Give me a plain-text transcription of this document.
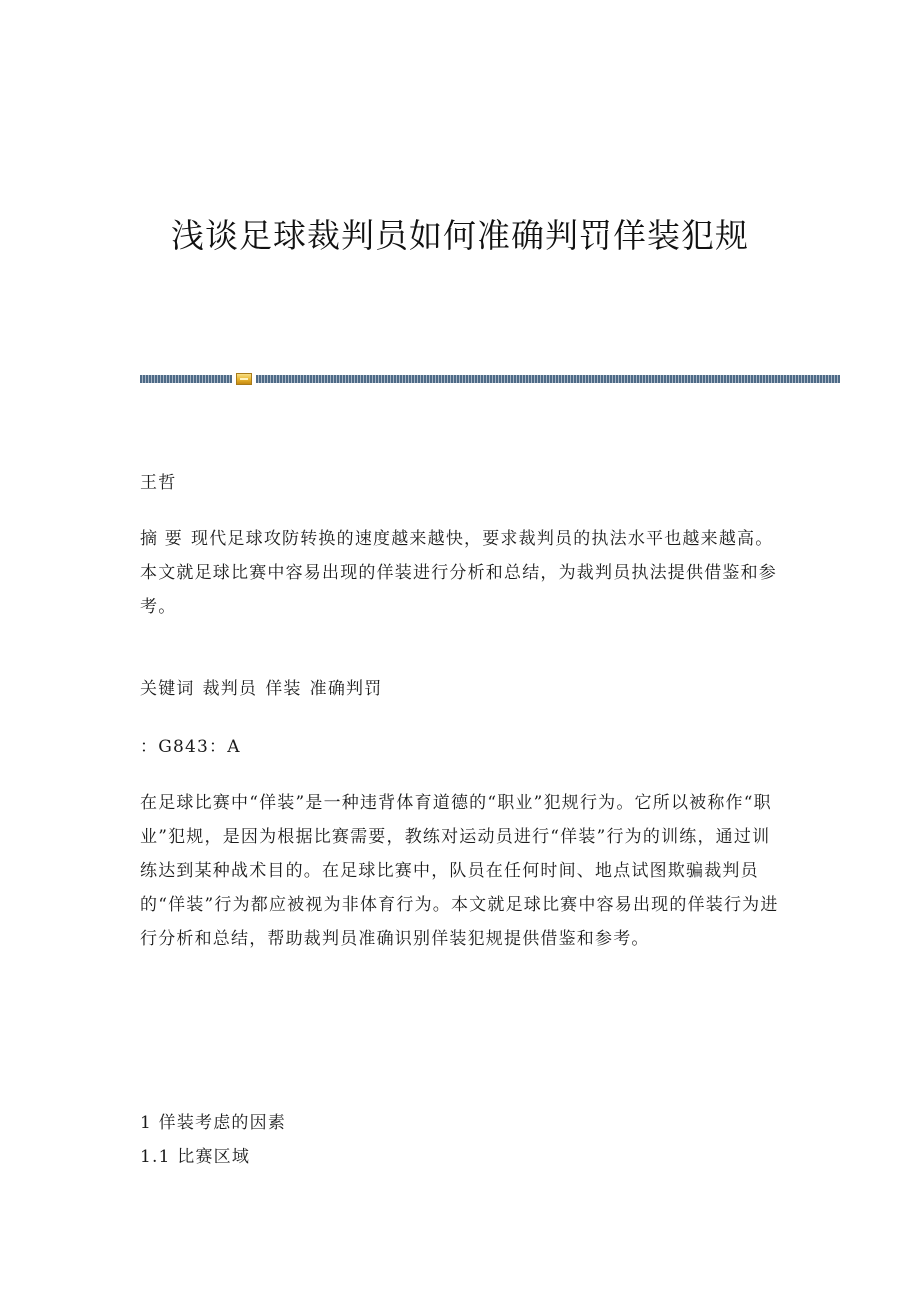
浅谈足球裁判员如何准确判罚佯装犯规

王哲

摘 要 现代足球攻防转换的速度越来越快，要求裁判员的执法水平也越来越高。本文就足球比赛中容易出现的佯装进行分析和总结，为裁判员执法提供借鉴和参考。

关键词 裁判员 佯装 准确判罚

：G843：A

在足球比赛中“佯装”是一种违背体育道德的“职业”犯规行为。它所以被称作“职业”犯规，是因为根据比赛需要，教练对运动员进行“佯装”行为的训练，通过训练达到某种战术目的。在足球比赛中，队员在任何时间、地点试图欺骗裁判员的“佯装”行为都应被视为非体育行为。本文就足球比赛中容易出现的佯装行为进行分析和总结，帮助裁判员准确识别佯装犯规提供借鉴和参考。

1 佯装考虑的因素

1.1 比赛区域
